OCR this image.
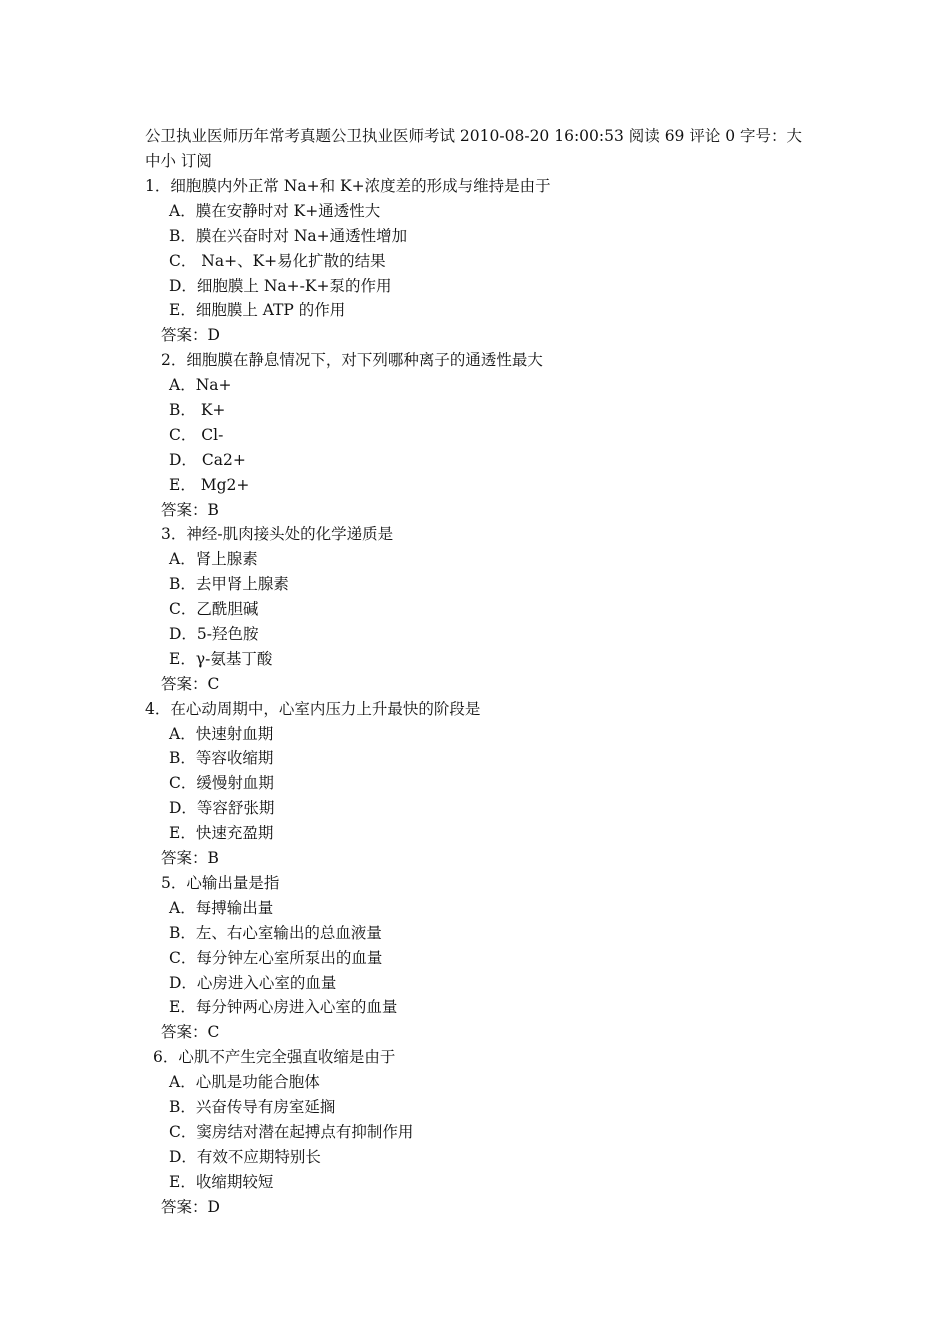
公卫执业医师历年常考真题公卫执业医师考试 2010-08-20 16:00:53 阅读 69 评论 0 字号：大中小 订阅
1．细胞膜内外正常 Na+和 K+浓度差的形成与维持是由于
A．膜在安静时对 K+通透性大
B．膜在兴奋时对 Na+通透性增加
C． Na+、K+易化扩散的结果
D．细胞膜上 Na+-K+泵的作用
E．细胞膜上 ATP 的作用
答案：D
2．细胞膜在静息情况下，对下列哪种离子的通透性最大
A．Na+
B． K+
C． Cl-
D． Ca2+
E． Mg2+
答案：B
3．神经-肌肉接头处的化学递质是
A．肾上腺素
B．去甲肾上腺素
C．乙酰胆碱
D．5-羟色胺
E．γ-氨基丁酸
答案：C
4．在心动周期中，心室内压力上升最快的阶段是
A．快速射血期
B．等容收缩期
C．缓慢射血期
D．等容舒张期
E．快速充盈期
答案：B
5．心输出量是指
A．每搏输出量
B．左、右心室输出的总血液量
C．每分钟左心室所泵出的血量
D．心房进入心室的血量
E．每分钟两心房进入心室的血量
答案：C
6．心肌不产生完全强直收缩是由于
A．心肌是功能合胞体
B．兴奋传导有房室延搁
C．窦房结对潜在起搏点有抑制作用
D．有效不应期特别长
E．收缩期较短
答案：D
